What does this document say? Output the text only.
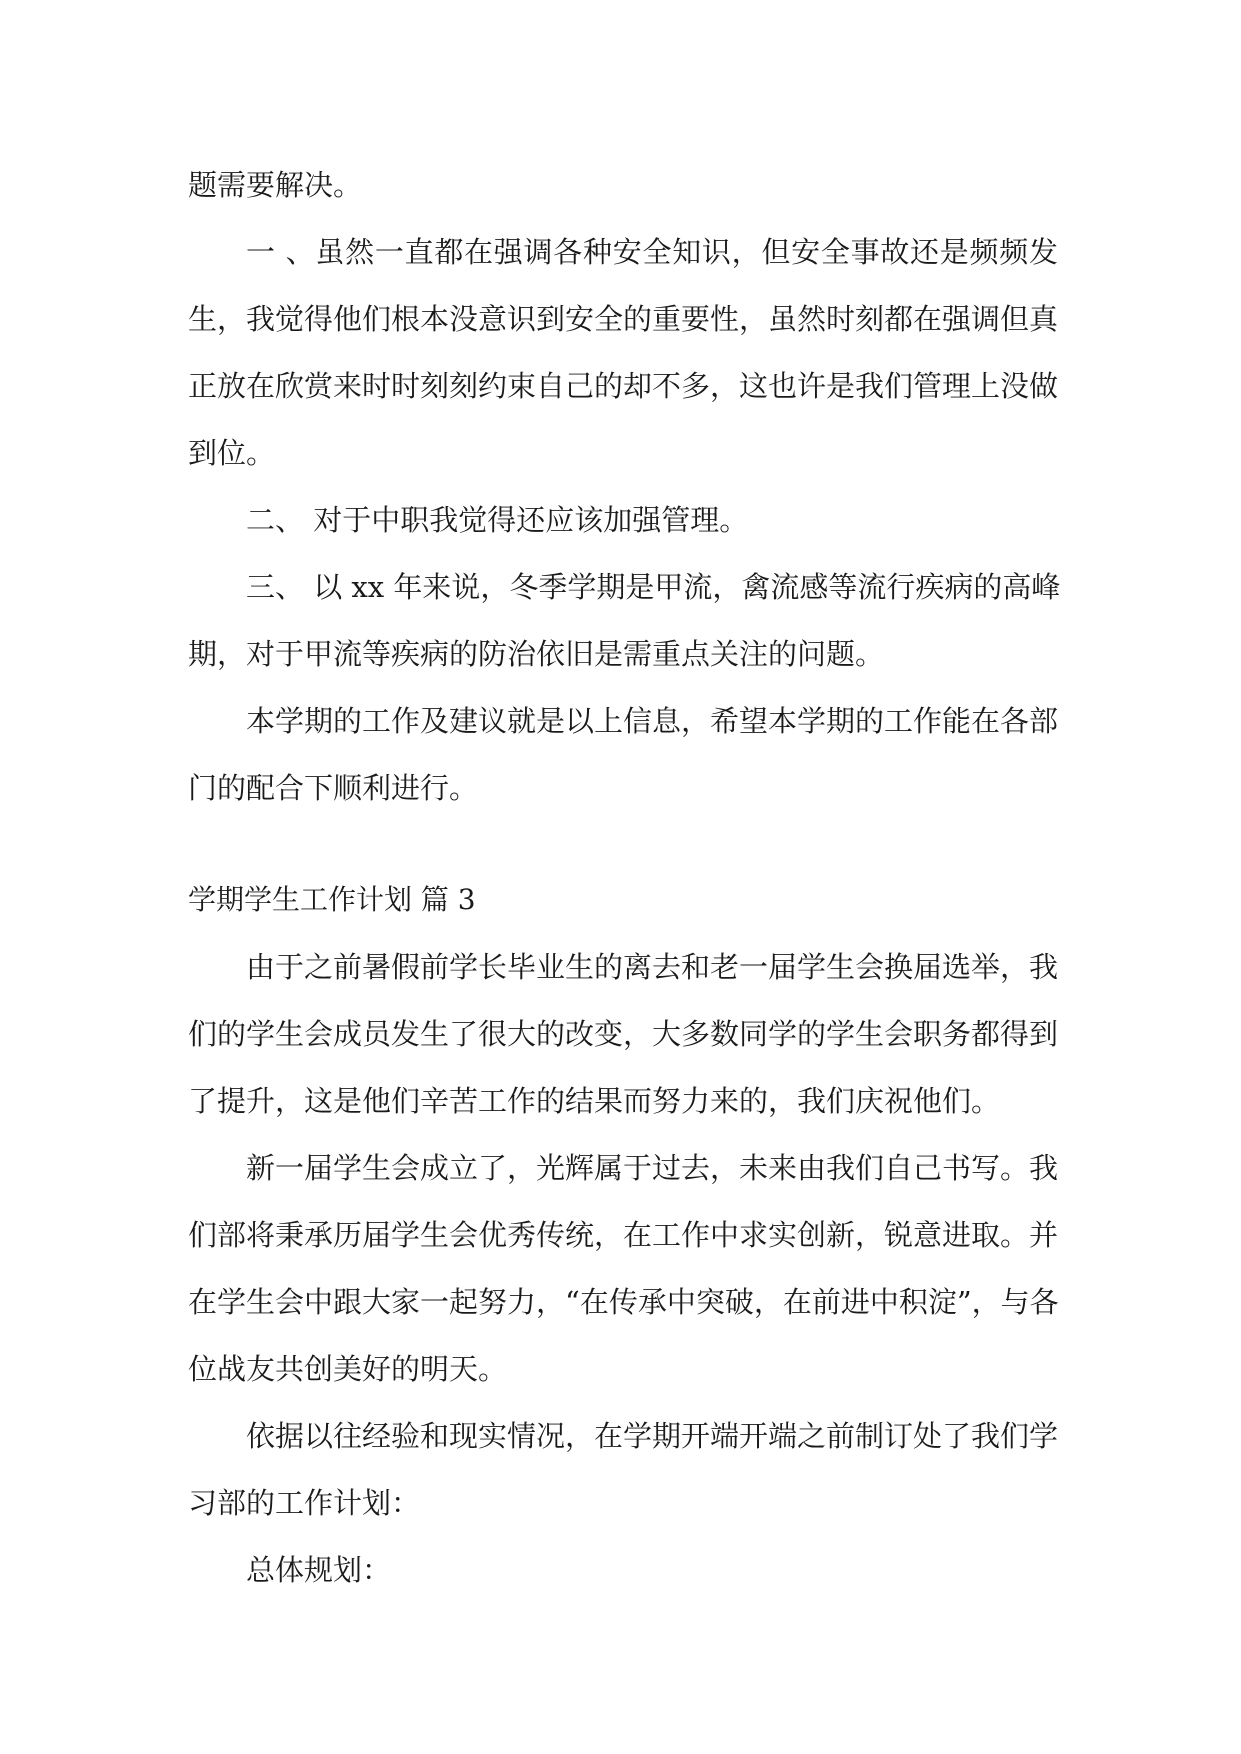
题需要解决。
一 、虽然一直都在强调各种安全知识，但安全事故还是频频发
生，我觉得他们根本没意识到安全的重要性，虽然时刻都在强调但真
正放在欣赏来时时刻刻约束自己的却不多，这也许是我们管理上没做
到位。
二、 对于中职我觉得还应该加强管理。
三、 以 xx 年来说，冬季学期是甲流，禽流感等流行疾病的高峰
期，对于甲流等疾病的防治依旧是需重点关注的问题。
本学期的工作及建议就是以上信息，希望本学期的工作能在各部
门的配合下顺利进行。
学期学生工作计划 篇 3
由于之前暑假前学长毕业生的离去和老一届学生会换届选举，我
们的学生会成员发生了很大的改变，大多数同学的学生会职务都得到
了提升，这是他们辛苦工作的结果而努力来的，我们庆祝他们。
新一届学生会成立了，光辉属于过去，未来由我们自己书写。我
们部将秉承历届学生会优秀传统，在工作中求实创新，锐意进取。并
在学生会中跟大家一起努力，“在传承中突破，在前进中积淀”，与各
位战友共创美好的明天。
依据以往经验和现实情况，在学期开端开端之前制订处了我们学
习部的工作计划：
总体规划：
